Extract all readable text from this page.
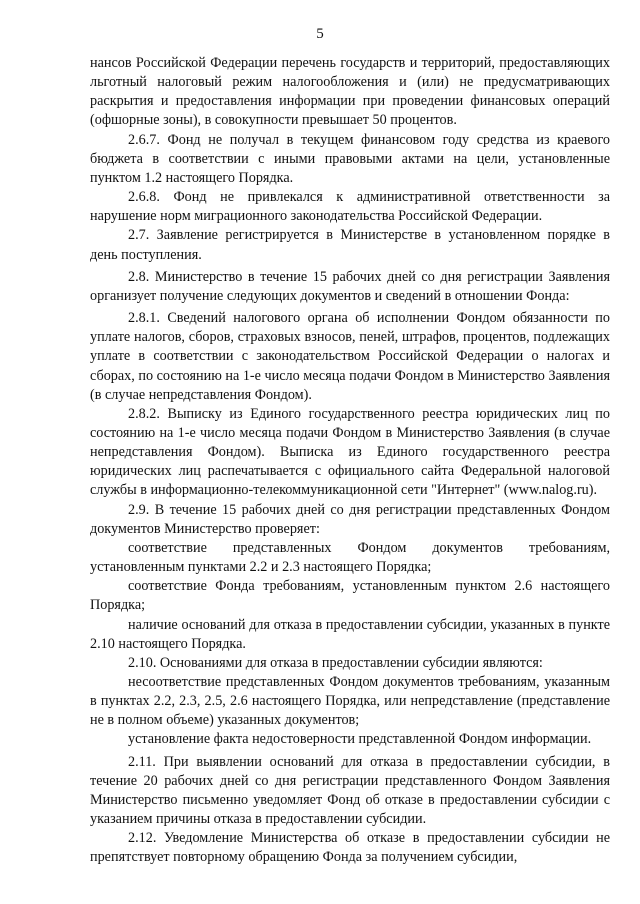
5

нансов Российской Федерации перечень государств и территорий, предоставляющих льготный налоговый режим налогообложения и (или) не предусматривающих раскрытия и предоставления информации при проведении финансовых операций (офшорные зоны), в совокупности превышает 50 процентов.

2.6.7. Фонд не получал в текущем финансовом году средства из краевого бюджета в соответствии с иными правовыми актами на цели, установленные пунктом 1.2 настоящего Порядка.

2.6.8. Фонд не привлекался к административной ответственности за нарушение норм миграционного законодательства Российской Федерации.

2.7. Заявление регистрируется в Министерстве в установленном порядке в день поступления.

2.8. Министерство в течение 15 рабочих дней со дня регистрации Заявления организует получение следующих документов и сведений в отношении Фонда:

2.8.1. Сведений налогового органа об исполнении Фондом обязанности по уплате налогов, сборов, страховых взносов, пеней, штрафов, процентов, подлежащих уплате в соответствии с законодательством Российской Федерации о налогах и сборах, по состоянию на 1-е число месяца подачи Фондом в Министерство Заявления (в случае непредставления Фондом).

2.8.2. Выписку из Единого государственного реестра юридических лиц по состоянию на 1-е число месяца подачи Фондом в Министерство Заявления (в случае непредставления Фондом). Выписка из Единого государственного реестра юридических лиц распечатывается с официального сайта Федеральной налоговой службы в информационно-телекоммуникационной сети "Интернет" (www.nalog.ru).

2.9. В течение 15 рабочих дней со дня регистрации представленных Фондом документов Министерство проверяет:

соответствие представленных Фондом документов требованиям, установленным пунктами 2.2 и 2.3 настоящего Порядка;

соответствие Фонда требованиям, установленным пунктом 2.6 настоящего Порядка;

наличие оснований для отказа в предоставлении субсидии, указанных в пункте 2.10 настоящего Порядка.

2.10. Основаниями для отказа в предоставлении субсидии являются:

несоответствие представленных Фондом документов требованиям, указанным в пунктах 2.2, 2.3, 2.5, 2.6 настоящего Порядка, или непредставление (представление не в полном объеме) указанных документов;

установление факта недостоверности представленной Фондом информации.

2.11. При выявлении оснований для отказа в предоставлении субсидии, в течение 20 рабочих дней со дня регистрации представленного Фондом Заявления Министерство письменно уведомляет Фонд об отказе в предоставлении субсидии с указанием причины отказа в предоставлении субсидии.

2.12. Уведомление Министерства об отказе в предоставлении субсидии не препятствует повторному обращению Фонда за получением субсидии,
